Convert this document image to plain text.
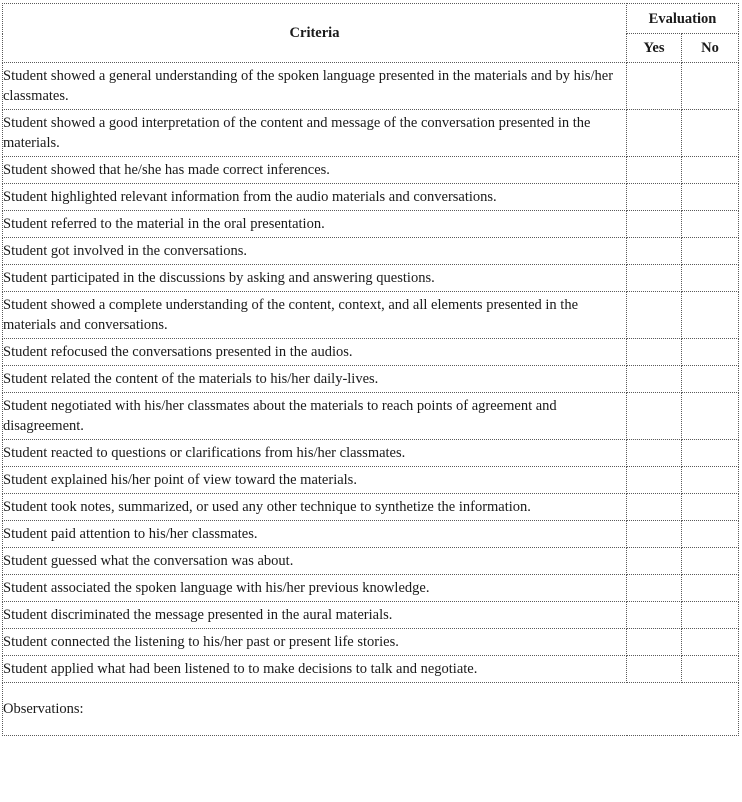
Criteria	Evaluation	
	Yes	No
Student showed a general understanding of the spoken language presented in the materials and by his/her classmates.		
Student showed a good interpretation of the content and message of the conversation presented in the materials.		
Student showed that he/she has made correct inferences.		
Student highlighted relevant information from the audio materials and conversations.		
Student referred to the material in the oral presentation.		
Student got involved in the conversations.		
Student participated in the discussions by asking and answering questions.		
Student showed a complete understanding of the content, context, and all elements presented in the materials and conversations.		
Student refocused the conversations presented in the audios.		
Student related the content of the materials to his/her daily-lives.		
Student negotiated with his/her classmates about the materials to reach points of agreement and disagreement.		
Student reacted to questions or clarifications from his/her classmates.		
Student explained his/her point of view toward the materials.		
Student took notes, summarized, or used any other technique to synthetize the information.		
Student paid attention to his/her classmates.		
Student guessed what the conversation was about.		
Student associated the spoken language with his/her previous knowledge.		
Student discriminated the message presented in the aural materials.		
Student connected the listening to his/her past or present life stories.		
Student applied what had been listened to to make decisions to talk and negotiate.		
Observations:		
